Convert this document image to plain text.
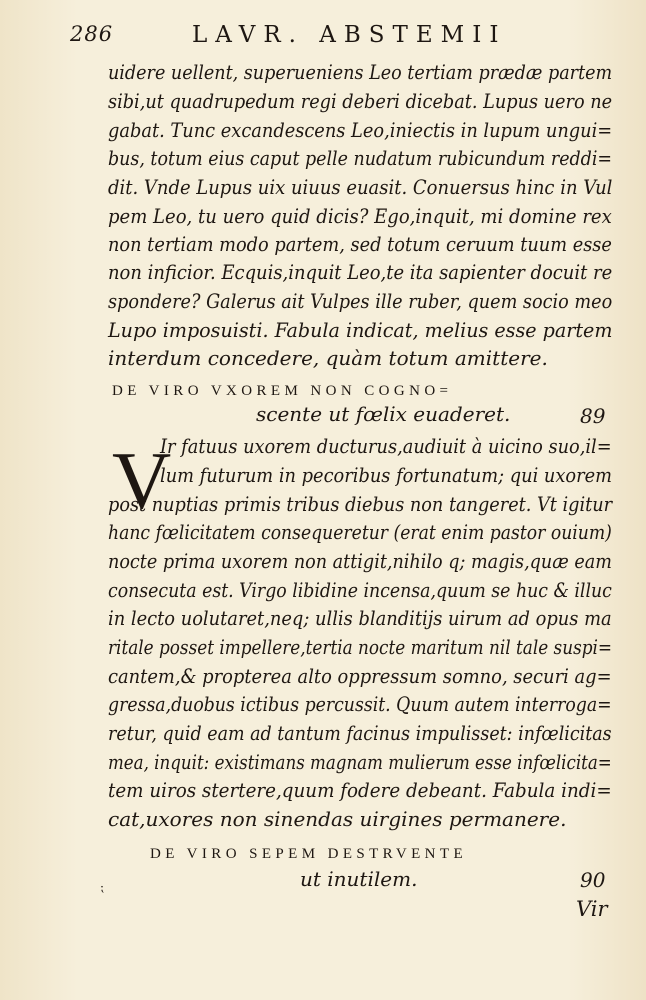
286	LAVR. ABSTEMII
uidere uellent, superueniens Leo tertiam prædæ partem
sibi,ut quadrupedum regi deberi dicebat. Lupus uero ne
gabat. Tunc excandescens Leo,iniectis in lupum ungui=
bus, totum eius caput pelle nudatum rubicundum reddi=
dit. Vnde Lupus uix uiuus euasit. Conuersus hinc in Vul
pem Leo, tu uero quid dicis? Ego,inquit, mi domine rex
non tertiam modo partem, sed totum ceruum tuum esse
non inficior. Ecquis,inquit Leo,te ita sapienter docuit re
spondere? Galerus ait Vulpes ille ruber, quem socio meo
Lupo imposuisti. Fabula indicat, melius esse partem
interdum concedere, quàm totum amittere.
DE VIRO VXOREM NON COGNO=
scente ut fœlix euaderet.	89
V
Ir fatuus uxorem ducturus,audiuit à uicino suo,il=
lum futurum in pecoribus fortunatum; qui uxorem
post nuptias primis tribus diebus non tangeret. Vt igitur
hanc fœlicitatem consequeretur (erat enim pastor ouium)
nocte prima uxorem non attigit,nihilo q; magis,quæ eam
consecuta est. Virgo libidine incensa,quum se huc & illuc
in lecto uolutaret,neq; ullis blanditijs uirum ad opus ma
ritale posset impellere,tertia nocte maritum nil tale suspi=
cantem,& propterea alto oppressum somno, securi ag=
gressa,duobus ictibus percussit. Quum autem interroga=
retur, quid eam ad tantum facinus impulisset: infœlicitas
mea, inquit: existimans magnam mulierum esse infœlicita=
tem uiros stertere,quum fodere debeant. Fabula indi=
cat,uxores non sinendas uirgines permanere.
DE VIRO SEPEM DESTRVENTE
⁏	ut inutilem.	90
Vir
